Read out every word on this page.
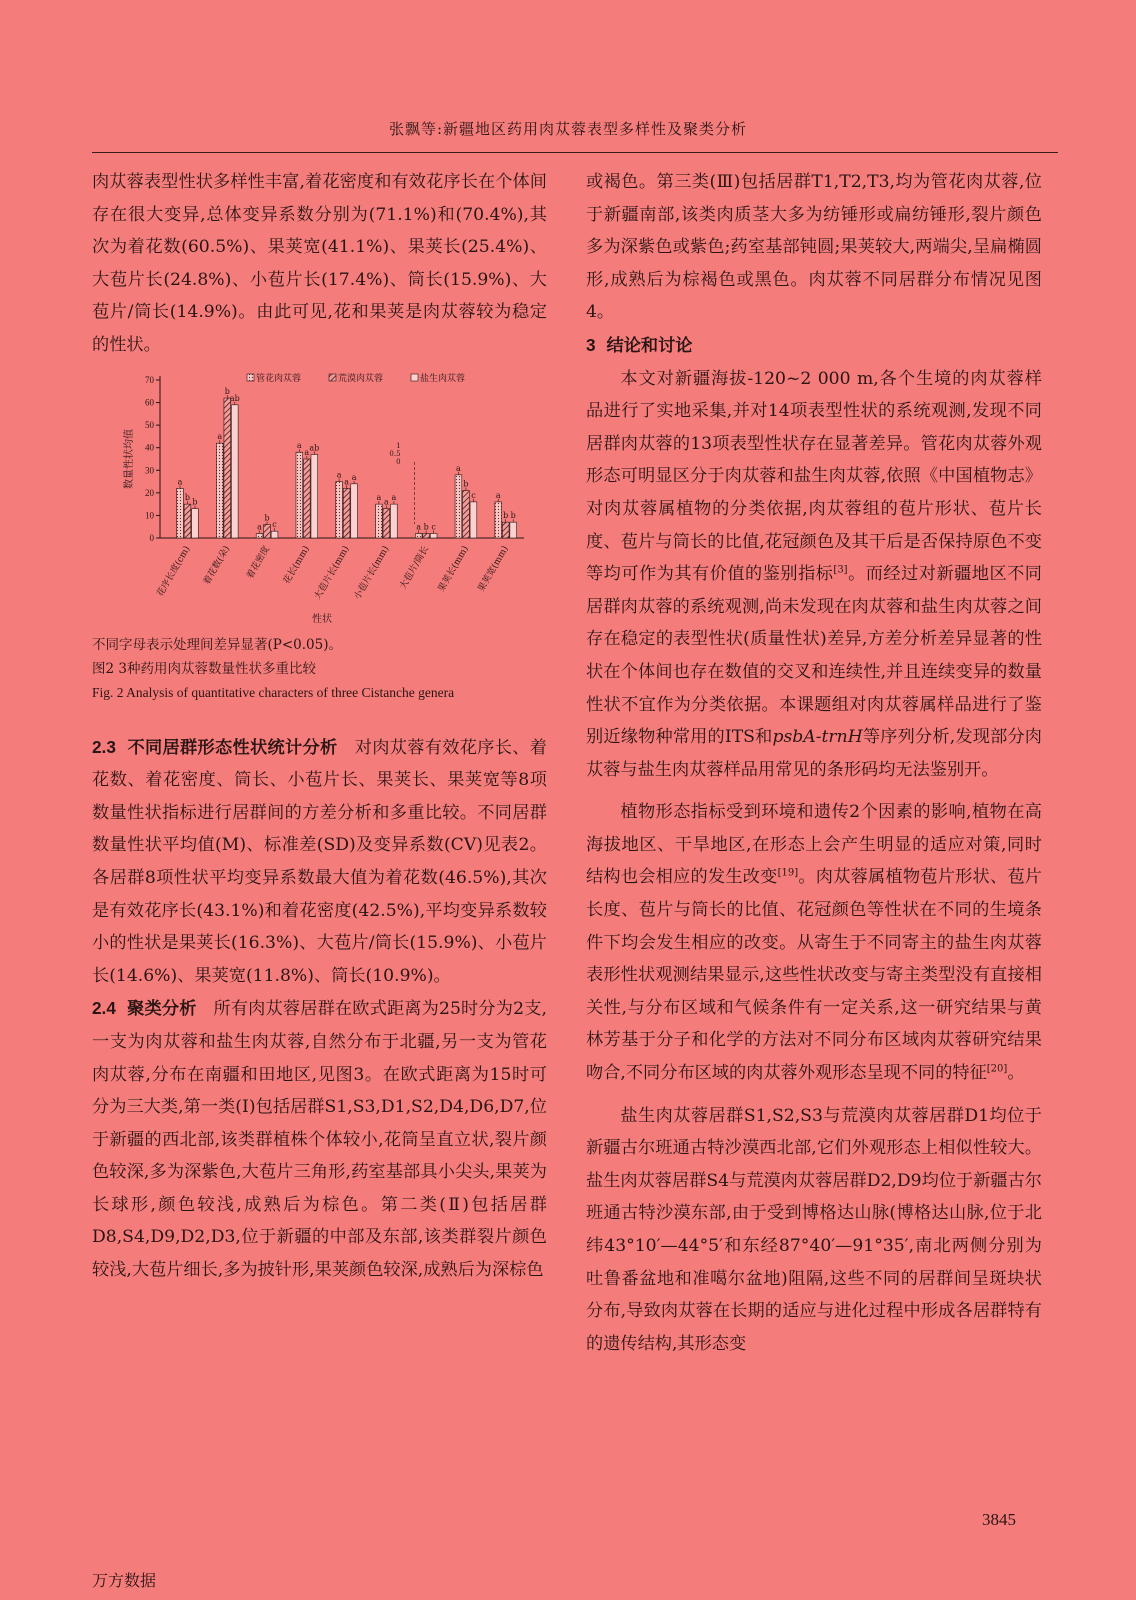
张飘等:新疆地区药用肉苁蓉表型多样性及聚类分析

肉苁蓉表型性状多样性丰富,着花密度和有效花序长在个体间存在很大变异,总体变异系数分别为(71.1%)和(70.4%),其次为着花数(60.5%)、果荚宽(41.1%)、果荚长(25.4%)、大苞片长(24.8%)、小苞片长(17.4%)、筒长(15.9%)、大苞片/筒长(14.9%)。由此可见,花和果荚是肉苁蓉较为稳定的性状。

0
10
20
30
40
50
60
70
数量性状均值
管花肉苁蓉	荒漠肉苁蓉	盐生肉苁蓉
a
b
b
花序长度(cm)
a
b
ab
着花数(朵)
a
b
c
着花密度
a
a
ab
花长(mm)
a
a
a
大苞片长(mm)
a
a
a
小苞片长(mm)
a b c
大苞片/筒长
a
b
c
果荚长(mm)
a
b b
果荚宽(mm)
1
0.5
0
性状

不同字母表示处理间差异显著(P<0.05)。

图2 3种药用肉苁蓉数量性状多重比较

Fig. 2 Analysis of quantitative characters of three Cistanche genera

2.3 不同居群形态性状统计分析 对肉苁蓉有效花序长、着花数、着花密度、筒长、小苞片长、果荚长、果荚宽等8项数量性状指标进行居群间的方差分析和多重比较。不同居群数量性状平均值(M)、标准差(SD)及变异系数(CV)见表2。各居群8项性状平均变异系数最大值为着花数(46.5%),其次是有效花序长(43.1%)和着花密度(42.5%),平均变异系数较小的性状是果荚长(16.3%)、大苞片/筒长(15.9%)、小苞片长(14.6%)、果荚宽(11.8%)、筒长(10.9%)。

2.4 聚类分析 所有肉苁蓉居群在欧式距离为25时分为2支,一支为肉苁蓉和盐生肉苁蓉,自然分布于北疆,另一支为管花肉苁蓉,分布在南疆和田地区,见图3。在欧式距离为15时可分为三大类,第一类(Ⅰ)包括居群S1,S3,D1,S2,D4,D6,D7,位于新疆的西北部,该类群植株个体较小,花筒呈直立状,裂片颜色较深,多为深紫色,大苞片三角形,药室基部具小尖头,果荚为长球形,颜色较浅,成熟后为棕色。第二类(Ⅱ)包括居群D8,S4,D9,D2,D3,位于新疆的中部及东部,该类群裂片颜色较浅,大苞片细长,多为披针形,果荚颜色较深,成熟后为深棕色

或褐色。第三类(Ⅲ)包括居群T1,T2,T3,均为管花肉苁蓉,位于新疆南部,该类肉质茎大多为纺锤形或扁纺锤形,裂片颜色多为深紫色或紫色;药室基部钝圆;果荚较大,两端尖,呈扁椭圆形,成熟后为棕褐色或黑色。肉苁蓉不同居群分布情况见图4。

3 结论和讨论

本文对新疆海拔-120~2 000 m,各个生境的肉苁蓉样品进行了实地采集,并对14项表型性状的系统观测,发现不同居群肉苁蓉的13项表型性状存在显著差异。管花肉苁蓉外观形态可明显区分于肉苁蓉和盐生肉苁蓉,依照《中国植物志》对肉苁蓉属植物的分类依据,肉苁蓉组的苞片形状、苞片长度、苞片与筒长的比值,花冠颜色及其干后是否保持原色不变等均可作为其有价值的鉴别指标[3]。而经过对新疆地区不同居群肉苁蓉的系统观测,尚未发现在肉苁蓉和盐生肉苁蓉之间存在稳定的表型性状(质量性状)差异,方差分析差异显著的性状在个体间也存在数值的交叉和连续性,并且连续变异的数量性状不宜作为分类依据。本课题组对肉苁蓉属样品进行了鉴别近缘物种常用的ITS和psbA-trnH等序列分析,发现部分肉苁蓉与盐生肉苁蓉样品用常见的条形码均无法鉴别开。

植物形态指标受到环境和遗传2个因素的影响,植物在高海拔地区、干旱地区,在形态上会产生明显的适应对策,同时结构也会相应的发生改变[19]。肉苁蓉属植物苞片形状、苞片长度、苞片与筒长的比值、花冠颜色等性状在不同的生境条件下均会发生相应的改变。从寄生于不同寄主的盐生肉苁蓉表形性状观测结果显示,这些性状改变与寄主类型没有直接相关性,与分布区域和气候条件有一定关系,这一研究结果与黄林芳基于分子和化学的方法对不同分布区域肉苁蓉研究结果吻合,不同分布区域的肉苁蓉外观形态呈现不同的特征[20]。

盐生肉苁蓉居群S1,S2,S3与荒漠肉苁蓉居群D1均位于新疆古尔班通古特沙漠西北部,它们外观形态上相似性较大。盐生肉苁蓉居群S4与荒漠肉苁蓉居群D2,D9均位于新疆古尔班通古特沙漠东部,由于受到博格达山脉(博格达山脉,位于北纬43°10′—44°5′和东经87°40′—91°35′,南北两侧分别为吐鲁番盆地和准噶尔盆地)阻隔,这些不同的居群间呈斑块状分布,导致肉苁蓉在长期的适应与进化过程中形成各居群特有的遗传结构,其形态变

3845
万方数据
